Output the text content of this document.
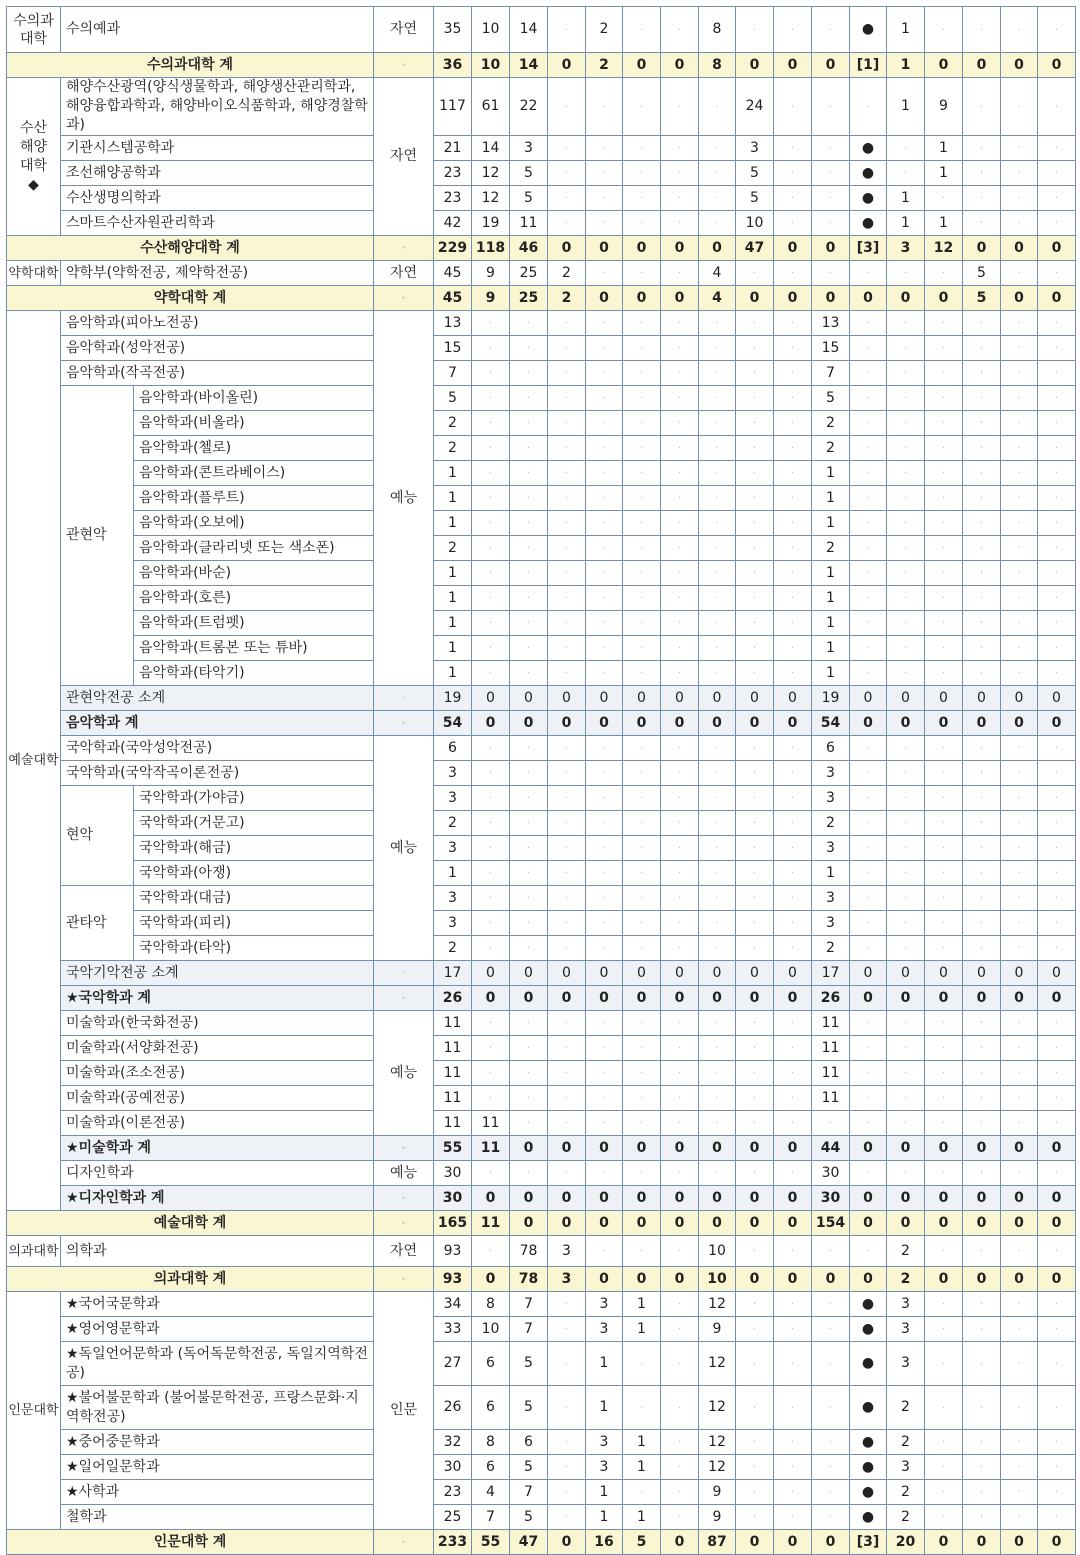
수의과대학	수의예과		자연	35	10	14	·	2	·	·	8	·	·	·	●	1	·	·	·	·
수의과대학 계			·	36	10	14	0	2	0	0	8	0	0	0	[1]	1	0	0	0	0
수산해양대학◆	해양수산광역(양식생물학과, 해양생산관리학과, 해양융합과학과, 해양바이오식품학과, 해양경찰학과)		자연	117	61	22	·	·	·	·	·	24	·	·	·	1	9	·	·	·
	기관시스템공학과			21	14	3	·	·	·	·	·	3	·	·	●	·	1	·	·	·
	조선해양공학과			23	12	5	·	·	·	·	·	5	·	·	●	·	1	·	·	·
	수산생명의학과			23	12	5	·	·	·	·	·	5	·	·	●	1	·	·	·	·
	스마트수산자원관리학과			42	19	11	·	·	·	·	·	10	·	·	●	1	1	·	·	·
수산해양대학 계			·	229	118	46	0	0	0	0	0	47	0	0	[3]	3	12	0	0	0
약학대학	약학부(약학전공, 제약학전공)		자연	45	9	25	2	·	·	·	4	·	·	·	·	·	·	5	·	·
약학대학 계			·	45	9	25	2	0	0	0	4	0	0	0	0	0	0	5	0	0
예술대학	음악학과(피아노전공)		예능	13	·	·	·	·	·	·	·	·	·	13	·	·	·	·	·	·
	음악학과(성악전공)			15	·	·	·	·	·	·	·	·	·	15	·	·	·	·	·	·
	음악학과(작곡전공)			7	·	·	·	·	·	·	·	·	·	7	·	·	·	·	·	·
	관현악	음악학과(바이올린)		5	·	·	·	·	·	·	·	·	·	5	·	·	·	·	·	·
		음악학과(비올라)		2	·	·	·	·	·	·	·	·	·	2	·	·	·	·	·	·
		음악학과(첼로)		2	·	·	·	·	·	·	·	·	·	2	·	·	·	·	·	·
		음악학과(콘트라베이스)		1	·	·	·	·	·	·	·	·	·	1	·	·	·	·	·	·
		음악학과(플루트)		1	·	·	·	·	·	·	·	·	·	1	·	·	·	·	·	·
		음악학과(오보에)		1	·	·	·	·	·	·	·	·	·	1	·	·	·	·	·	·
		음악학과(클라리넷 또는 색소폰)		2	·	·	·	·	·	·	·	·	·	2	·	·	·	·	·	·
		음악학과(바순)		1	·	·	·	·	·	·	·	·	·	1	·	·	·	·	·	·
		음악학과(호른)		1	·	·	·	·	·	·	·	·	·	1	·	·	·	·	·	·
		음악학과(트럼펫)		1	·	·	·	·	·	·	·	·	·	1	·	·	·	·	·	·
		음악학과(트롬본 또는 튜바)		1	·	·	·	·	·	·	·	·	·	1	·	·	·	·	·	·
		음악학과(타악기)		1	·	·	·	·	·	·	·	·	·	1	·	·	·	·	·	·
	관현악전공 소계		·	19	0	0	0	0	0	0	0	0	0	19	0	0	0	0	0	0
	음악학과 계		·	54	0	0	0	0	0	0	0	0	0	54	0	0	0	0	0	0
	국악학과(국악성악전공)		예능	6	·	·	·	·	·	·	·	·	·	6	·	·	·	·	·	·
	국악학과(국악작곡이론전공)			3	·	·	·	·	·	·	·	·	·	3	·	·	·	·	·	·
	현악	국악학과(가야금)		3	·	·	·	·	·	·	·	·	·	3	·	·	·	·	·	·
		국악학과(거문고)		2	·	·	·	·	·	·	·	·	·	2	·	·	·	·	·	·
		국악학과(해금)		3	·	·	·	·	·	·	·	·	·	3	·	·	·	·	·	·
		국악학과(아쟁)		1	·	·	·	·	·	·	·	·	·	1	·	·	·	·	·	·
	관타악	국악학과(대금)		3	·	·	·	·	·	·	·	·	·	3	·	·	·	·	·	·
		국악학과(피리)		3	·	·	·	·	·	·	·	·	·	3	·	·	·	·	·	·
		국악학과(타악)		2	·	·	·	·	·	·	·	·	·	2	·	·	·	·	·	·
	국악기악전공 소계		·	17	0	0	0	0	0	0	0	0	0	17	0	0	0	0	0	0
	★국악학과 계		·	26	0	0	0	0	0	0	0	0	0	26	0	0	0	0	0	0
	미술학과(한국화전공)		예능	11	·	·	·	·	·	·	·	·	·	11	·	·	·	·	·	·
	미술학과(서양화전공)			11	·	·	·	·	·	·	·	·	·	11	·	·	·	·	·	·
	미술학과(조소전공)			11	·	·	·	·	·	·	·	·	·	11	·	·	·	·	·	·
	미술학과(공예전공)			11	·	·	·	·	·	·	·	·	·	11	·	·	·	·	·	·
	미술학과(이론전공)			11	11	·	·	·	·	·	·	·	·	·	·	·	·	·	·	·
	★미술학과 계		·	55	11	0	0	0	0	0	0	0	0	44	0	0	0	0	0	0
	디자인학과		예능	30	·	·	·	·	·	·	·	·	·	30	·	·	·	·	·	·
	★디자인학과 계		·	30	0	0	0	0	0	0	0	0	0	30	0	0	0	0	0	0
예술대학 계			·	165	11	0	0	0	0	0	0	0	0	154	0	0	0	0	0	0
의과대학	의학과		자연	93	·	78	3	·	·	·	10	·	·	·	·	2	·	·	·	·
의과대학 계			·	93	0	78	3	0	0	0	10	0	0	0	0	2	0	0	0	0
인문대학	★국어국문학과		인문	34	8	7	·	3	1	·	12	·	·	·	●	3	·	·	·	·
	★영어영문학과			33	10	7	·	3	1	·	9	·	·	·	●	3	·	·	·	·
	★독일언어문학과 (독어독문학전공, 독일지역학전공)			27	6	5	·	1	·	·	12	·	·	·	●	3	·	·	·	·
	★불어불문학과 (불어불문학전공, 프랑스문화·지역학전공)			26	6	5	·	1	·	·	12	·	·	·	●	2	·	·	·	·
	★중어중문학과			32	8	6	·	3	1	·	12	·	·	·	●	2	·	·	·	·
	★일어일문학과			30	6	5	·	3	1	·	12	·	·	·	●	3	·	·	·	·
	★사학과			23	4	7	·	1	·	·	9	·	·	·	●	2	·	·	·	·
	철학과			25	7	5	·	1	1	·	9	·	·	·	●	2	·	·	·	·
인문대학 계			·	233	55	47	0	16	5	0	87	0	0	0	[3]	20	0	0	0	0
